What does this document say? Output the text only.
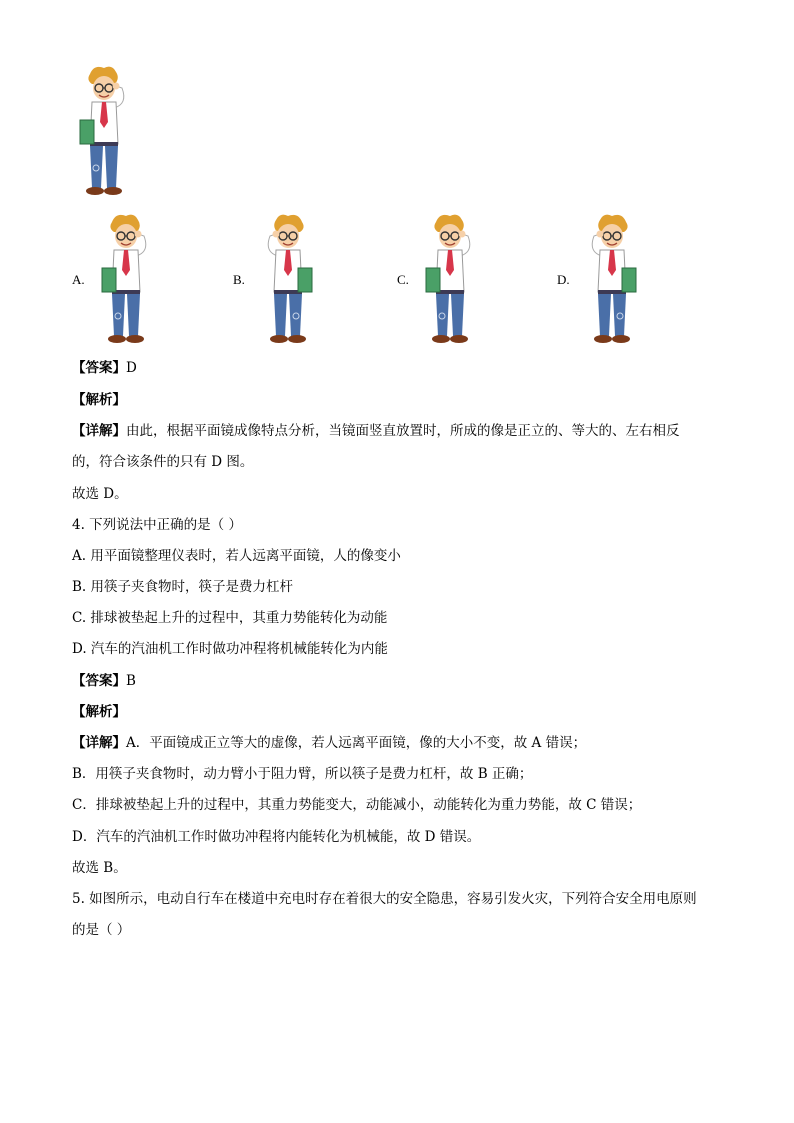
A.	B.	C.	D.
【答案】D
【解析】
【详解】由此，根据平面镜成像特点分析，当镜面竖直放置时，所成的像是正立的、等大的、左右相反
的，符合该条件的只有 D 图。
故选 D。
4. 下列说法中正确的是（ ）
A. 用平面镜整理仪表时，若人远离平面镜，人的像变小
B. 用筷子夹食物时，筷子是费力杠杆
C. 排球被垫起上升的过程中，其重力势能转化为动能
D. 汽车的汽油机工作时做功冲程将机械能转化为内能
【答案】B
【解析】
【详解】A．平面镜成正立等大的虚像，若人远离平面镜，像的大小不变，故 A 错误；
B．用筷子夹食物时，动力臂小于阻力臂，所以筷子是费力杠杆，故 B 正确；
C．排球被垫起上升的过程中，其重力势能变大，动能减小，动能转化为重力势能，故 C 错误；
D．汽车的汽油机工作时做功冲程将内能转化为机械能，故 D 错误。
故选 B。
5. 如图所示，电动自行车在楼道中充电时存在着很大的安全隐患，容易引发火灾，下列符合安全用电原则
的是（ ）
